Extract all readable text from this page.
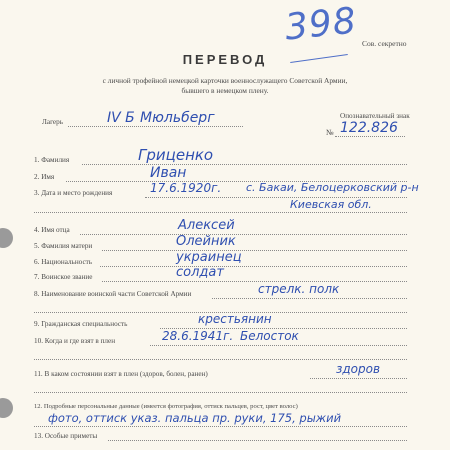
398 Сов. секретно
ПЕРЕВОД
с личной трофейной немецкой карточки военнослужащего Советской Армии,
бывшего в немецком плену.
Лагерь	IV Б Мюльберг	Опознавательный знак
№ 122.826
1. Фамилия	Гриценко
2. Имя	Иван
3. Дата и место рождения	17.6.1920г. с. Бакаи, Белоцерковский р-н
Киевская обл.
4. Имя отца	Алексей
5. Фамилия матери	Олейник
6. Национальность	украинец
7. Воинское звание	солдат
8. Наименование воинской части Советской Армии	стрелк. полк
9. Гражданская специальность	крестьянин
10. Когда и где взят в плен	28.6.1941г. Белосток
11. В каком состоянии взят в плен (здоров, болен, ранен)	здоров
12. Подробные персональные данные (имеется фотография, оттиск пальцев, рост, цвет волос)
фото, оттиск указ. пальца пр. руки, 175, рыжий
13. Особые приметы
